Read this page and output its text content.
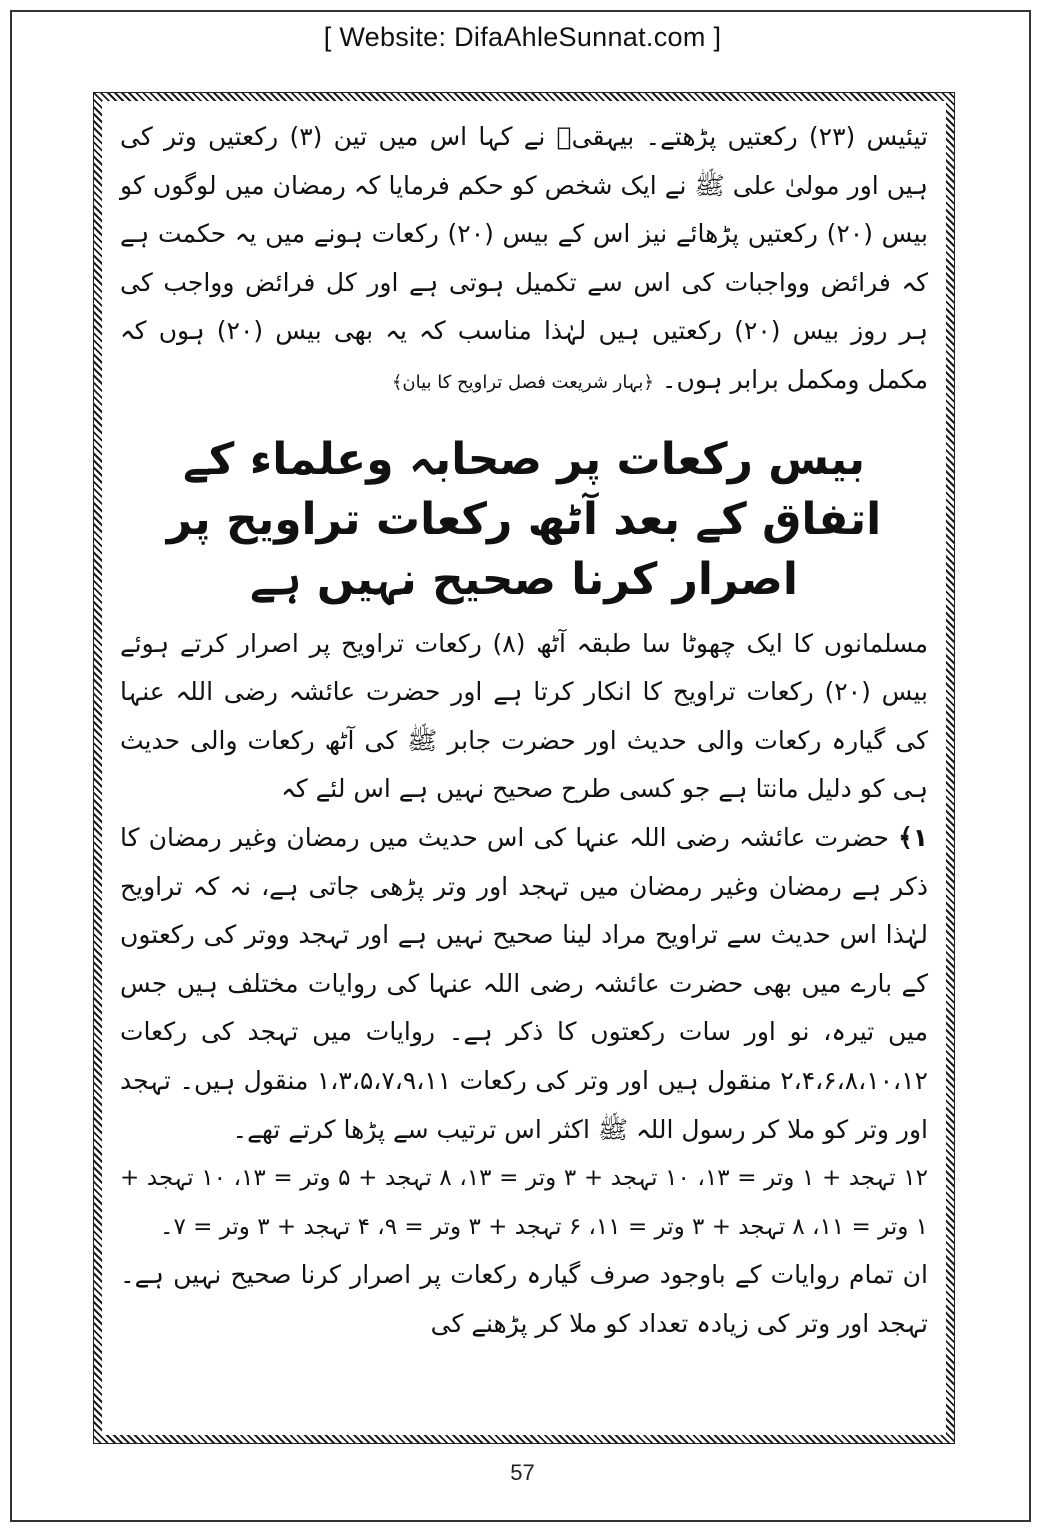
[ Website: DifaAhleSunnat.com ]

تیئیس (۲۳) رکعتیں پڑھتے۔ بیہقیؒ نے کہا اس میں تین (۳) رکعتیں وتر کی ہیں اور مولیٰ علی ﷺ نے ایک شخص کو حکم فرمایا کہ رمضان میں لوگوں کو بیس (۲۰) رکعتیں پڑھائے نیز اس کے بیس (۲۰) رکعات ہونے میں یہ حکمت ہے کہ فرائض وواجبات کی اس سے تکمیل ہوتی ہے اور کل فرائض وواجب کی ہر روز بیس (۲۰) رکعتیں ہیں لہٰذا مناسب کہ یہ بھی بیس (۲۰) ہوں کہ مکمل ومکمل برابر ہوں۔ ﴿بہار شریعت فصل تراویح کا بیان﴾

بیس رکعات پر صحابہ وعلماء کے اتفاق کے بعد آٹھ رکعات تراویح پر اصرار کرنا صحیح نہیں ہے

مسلمانوں کا ایک چھوٹا سا طبقہ آٹھ (۸) رکعات تراویح پر اصرار کرتے ہوئے بیس (۲۰) رکعات تراویح کا انکار کرتا ہے اور حضرت عائشہ رضی اللہ عنہا کی گیارہ رکعات والی حدیث اور حضرت جابر ﷺ کی آٹھ رکعات والی حدیث ہی کو دلیل مانتا ہے جو کسی طرح صحیح نہیں ہے اس لئے کہ

۱﴾ حضرت عائشہ رضی اللہ عنہا کی اس حدیث میں رمضان وغیر رمضان کا ذکر ہے رمضان وغیر رمضان میں تہجد اور وتر پڑھی جاتی ہے، نہ کہ تراویح لہٰذا اس حدیث سے تراویح مراد لینا صحیح نہیں ہے اور تہجد ووتر کی رکعتوں کے بارے میں بھی حضرت عائشہ رضی اللہ عنہا کی روایات مختلف ہیں جس میں تیرہ، نو اور سات رکعتوں کا ذکر ہے۔ روایات میں تہجد کی رکعات ۲،۴،۶،۸،۱۰،۱۲ منقول ہیں اور وتر کی رکعات ۱،۳،۵،۷،۹،۱۱ منقول ہیں۔ تہجد اور وتر کو ملا کر رسول اللہ ﷺ اکثر اس ترتیب سے پڑھا کرتے تھے۔

۱۲ تہجد + ۱ وتر = ۱۳، ۱۰ تہجد + ۳ وتر = ۱۳، ۸ تہجد + ۵ وتر = ۱۳، ۱۰ تہجد + ۱ وتر = ۱۱، ۸ تہجد + ۳ وتر = ۱۱، ۶ تہجد + ۳ وتر = ۹، ۴ تہجد + ۳ وتر = ۷۔

ان تمام روایات کے باوجود صرف گیارہ رکعات پر اصرار کرنا صحیح نہیں ہے۔ تہجد اور وتر کی زیادہ تعداد کو ملا کر پڑھنے کی

57
